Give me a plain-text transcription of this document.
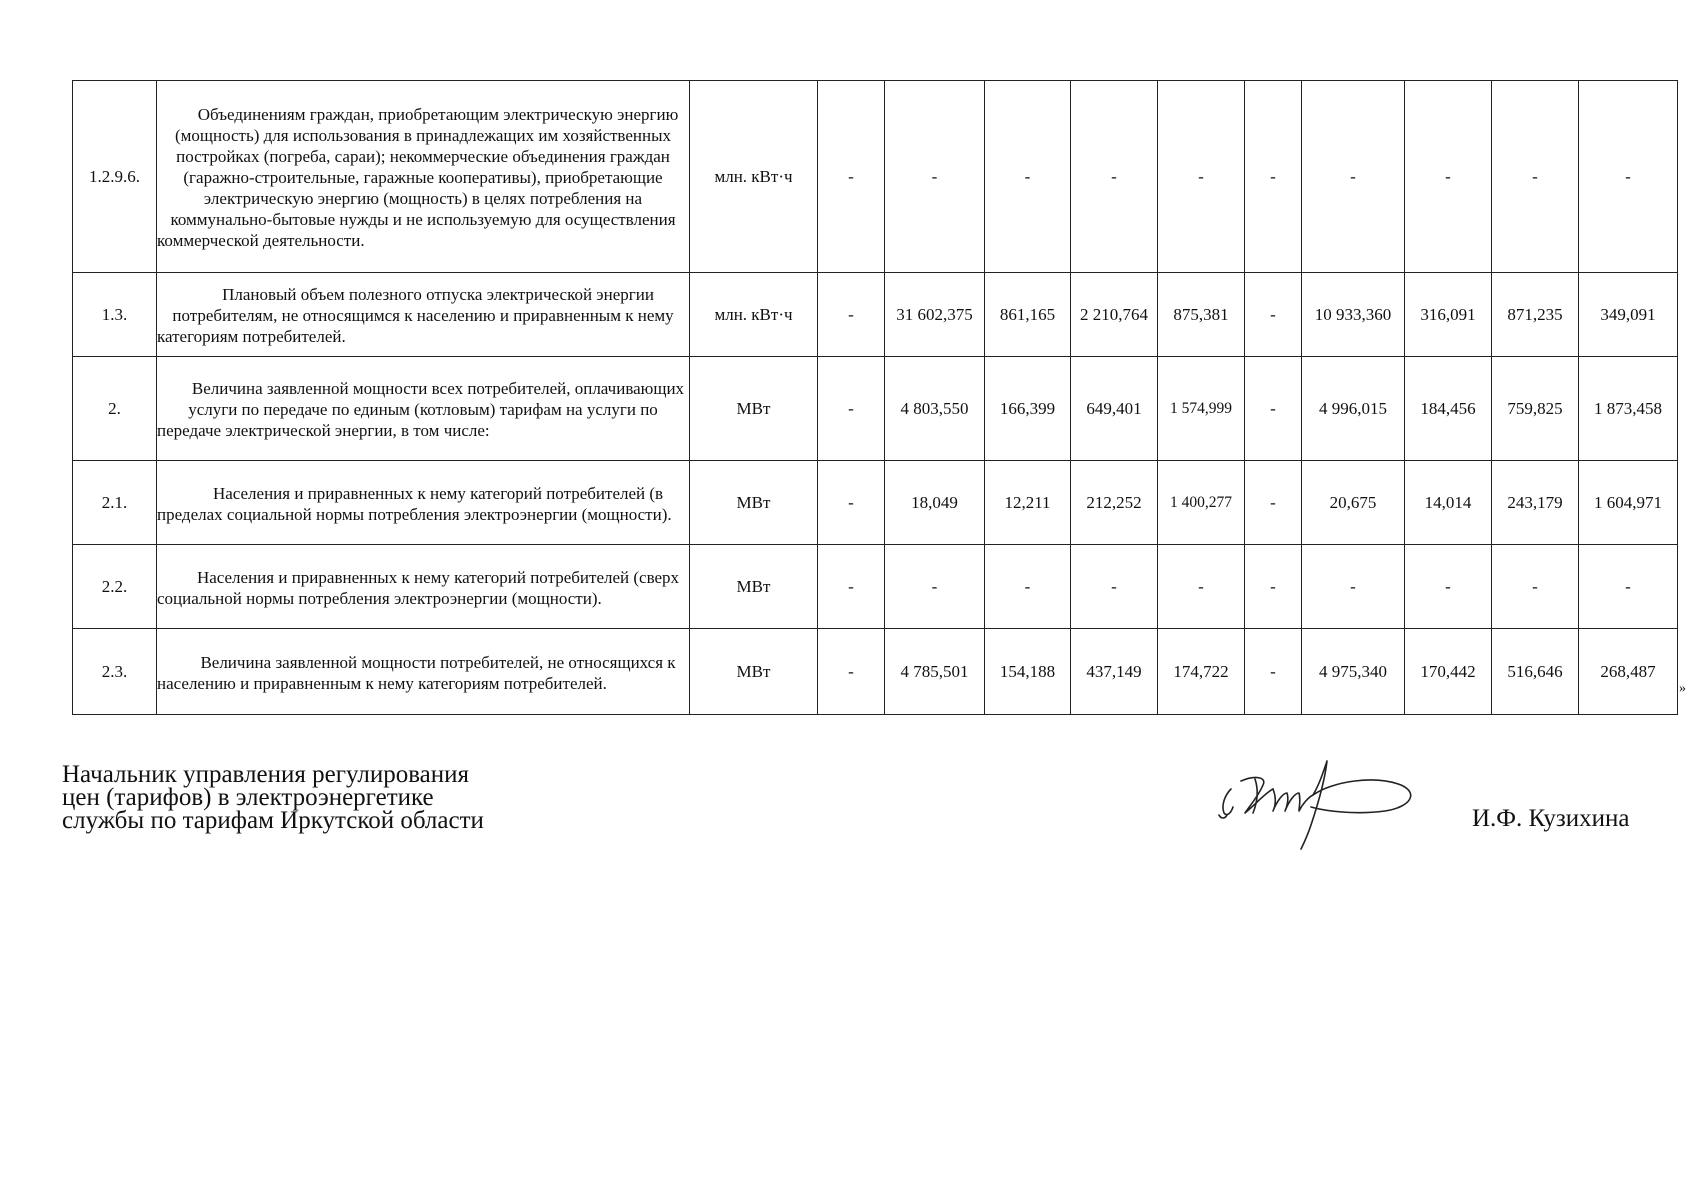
1.2.9.6.	Объединениям граждан, приобретающим электрическую энергию (мощность) для использования в принадлежащих им хозяйственных постройках (погреба, сараи); некоммерческие объединения граждан (гаражно-строительные, гаражные кооперативы), приобретающие электрическую энергию (мощность) в целях потребления на коммунально-бытовые нужды и не используемую для осуществления коммерческой деятельности.	млн. кВт·ч	-	-	-	-	-	-	-	-	-	-
1.3.	Плановый объем полезного отпуска электрической энергии потребителям, не относящимся к населению и приравненным к нему категориям потребителей.	млн. кВт·ч	-	31 602,375	861,165	2 210,764	875,381	-	10 933,360	316,091	871,235	349,091
2.	Величина заявленной мощности всех потребителей, оплачивающих услуги по передаче по единым (котловым) тарифам на услуги по передаче электрической энергии, в том числе:	МВт	-	4 803,550	166,399	649,401	1 574,999	-	4 996,015	184,456	759,825	1 873,458
2.1.	Населения и приравненных к нему категорий потребителей (в пределах социальной нормы потребления электроэнергии (мощности).	МВт	-	18,049	12,211	212,252	1 400,277	-	20,675	14,014	243,179	1 604,971
2.2.	Населения и приравненных к нему категорий потребителей (сверх социальной нормы потребления электроэнергии (мощности).	МВт	-	-	-	-	-	-	-	-	-	-
2.3.	Величина заявленной мощности потребителей, не относящихся к населению и приравненным к нему категориям потребителей.	МВт	-	4 785,501	154,188	437,149	174,722	-	4 975,340	170,442	516,646	268,487
»
Начальник управления регулирования
цен (тарифов) в электроэнергетике
службы по тарифам Иркутской области	И.Ф. Кузихина
